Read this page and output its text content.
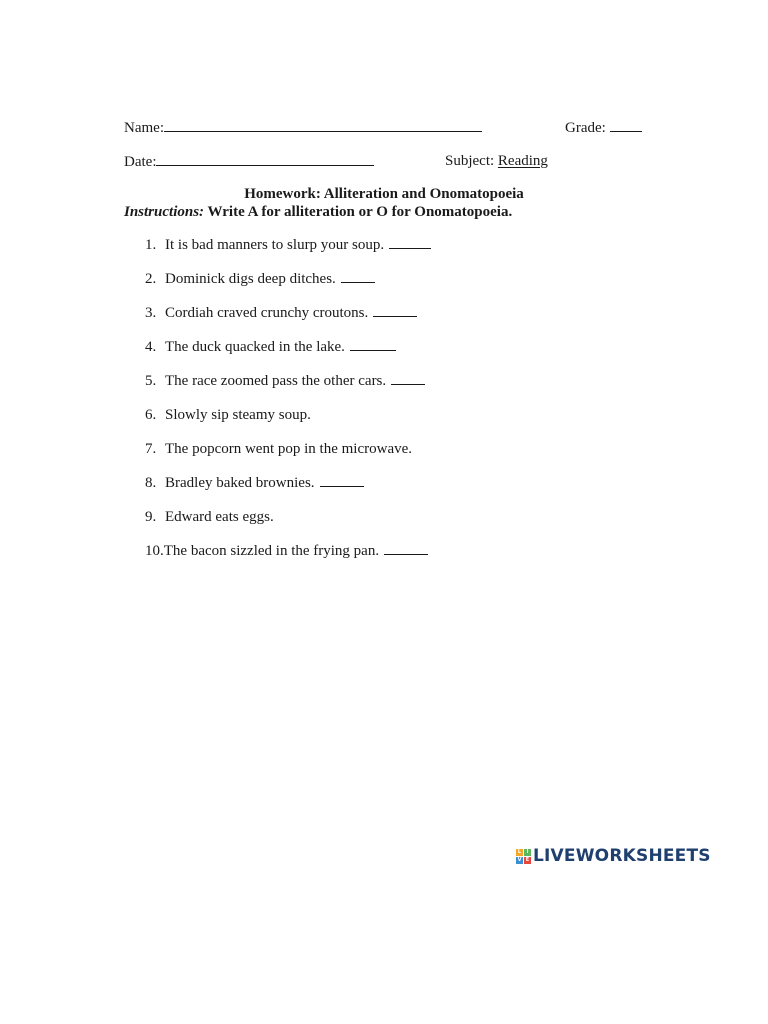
Name:	Grade:
Date:	Subject: Reading
Homework: Alliteration and Onomatopoeia
Instructions: Write A for alliteration or O for Onomatopoeia.
1. It is bad manners to slurp your soup.
2. Dominick digs deep ditches.
3. Cordiah craved crunchy croutons.
4. The duck quacked in the lake.
5. The race zoomed pass the other cars.
6. Slowly sip steamy soup.
7. The popcorn went pop in the microwave.
8. Bradley baked brownies.
9. Edward eats eggs.
10.The bacon sizzled in the frying pan.
L	I
V E LIVEWORKSHEETS
